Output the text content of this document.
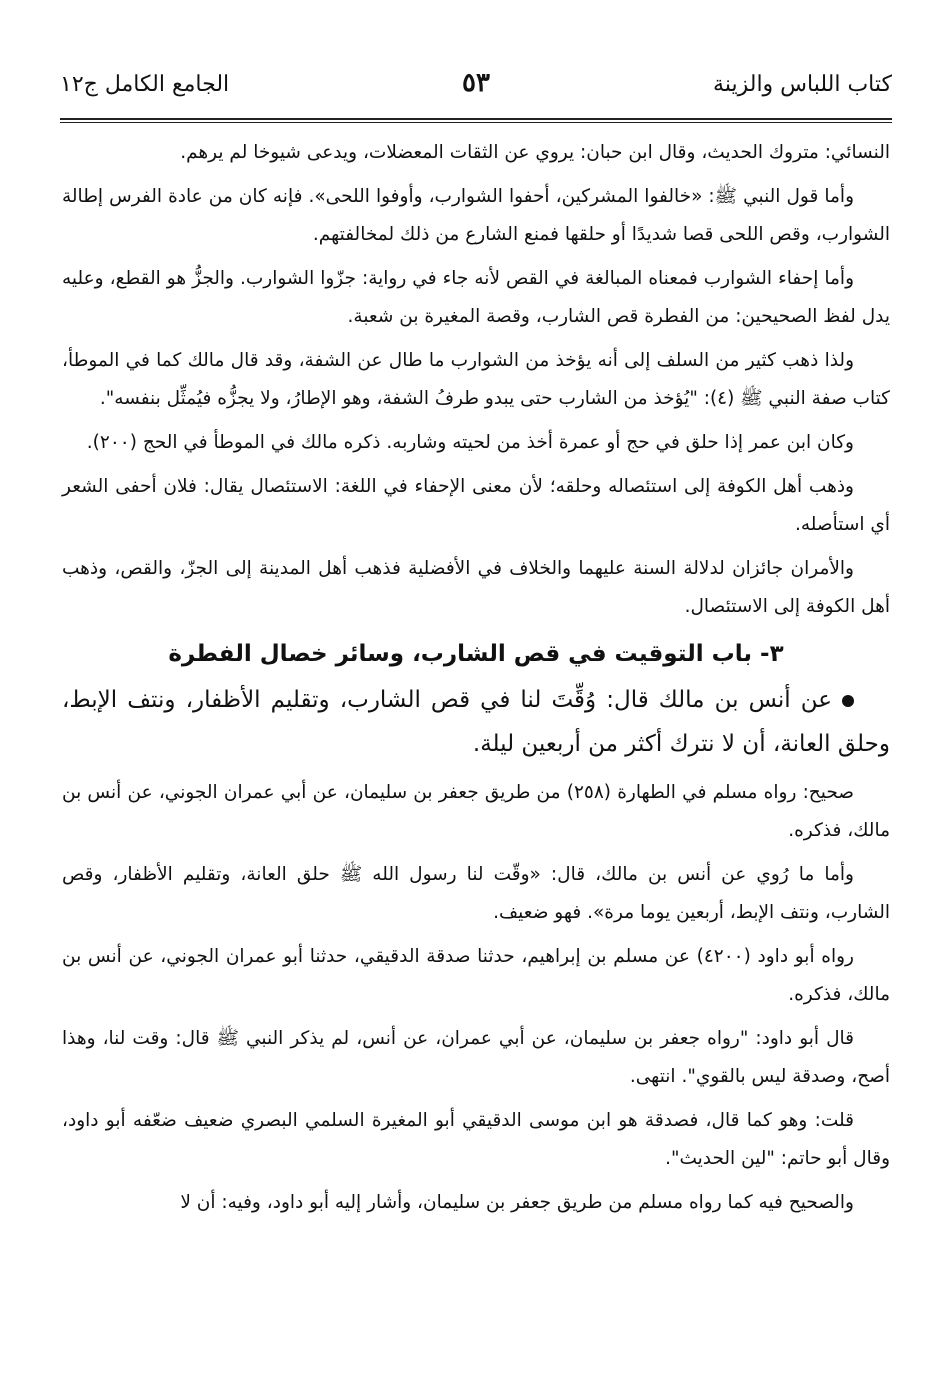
كتاب اللباس والزينة
٥٣
الجامع الكامل ج١٢

النسائي: متروك الحديث، وقال ابن حبان: يروي عن الثقات المعضلات، ويدعى شيوخا لم يرهم.

وأما قول النبي ﷺ: «خالفوا المشركين، أحفوا الشوارب، وأوفوا اللحى». فإنه كان من عادة الفرس إطالة الشوارب، وقص اللحى قصا شديدًا أو حلقها فمنع الشارع من ذلك لمخالفتهم.

وأما إحفاء الشوارب فمعناه المبالغة في القص لأنه جاء في رواية: جزّوا الشوارب. والجزُّ هو القطع، وعليه يدل لفظ الصحيحين: من الفطرة قص الشارب، وقصة المغيرة بن شعبة.

ولذا ذهب كثير من السلف إلى أنه يؤخذ من الشوارب ما طال عن الشفة، وقد قال مالك كما في الموطأ، كتاب صفة النبي ﷺ (٤): "يُؤخذ من الشارب حتى يبدو طرفُ الشفة، وهو الإطارُ، ولا يجزُّه فيُمثِّل بنفسه".

وكان ابن عمر إذا حلق في حج أو عمرة أخذ من لحيته وشاربه. ذكره مالك في الموطأ في الحج (٢٠٠).

وذهب أهل الكوفة إلى استئصاله وحلقه؛ لأن معنى الإحفاء في اللغة: الاستئصال يقال: فلان أحفى الشعر أي استأصله.

والأمران جائزان لدلالة السنة عليهما والخلاف في الأفضلية فذهب أهل المدينة إلى الجزّ، والقص، وذهب أهل الكوفة إلى الاستئصال.

٣- باب التوقيت في قص الشارب، وسائر خصال الفطرة

عن أنس بن مالك قال: وُقِّتَ لنا في قص الشارب، وتقليم الأظفار، ونتف الإبط، وحلق العانة، أن لا نترك أكثر من أربعين ليلة.

صحيح: رواه مسلم في الطهارة (٢٥٨) من طريق جعفر بن سليمان، عن أبي عمران الجوني، عن أنس بن مالك، فذكره.

وأما ما رُوي عن أنس بن مالك، قال: «وقّت لنا رسول الله ﷺ حلق العانة، وتقليم الأظفار، وقص الشارب، ونتف الإبط، أربعين يوما مرة». فهو ضعيف.

رواه أبو داود (٤٢٠٠) عن مسلم بن إبراهيم، حدثنا صدقة الدقيقي، حدثنا أبو عمران الجوني، عن أنس بن مالك، فذكره.

قال أبو داود: "رواه جعفر بن سليمان، عن أبي عمران، عن أنس، لم يذكر النبي ﷺ قال: وقت لنا، وهذا أصح، وصدقة ليس بالقوي". انتهى.

قلت: وهو كما قال، فصدقة هو ابن موسى الدقيقي أبو المغيرة السلمي البصري ضعيف ضعّفه أبو داود، وقال أبو حاتم: "لين الحديث".

والصحيح فيه كما رواه مسلم من طريق جعفر بن سليمان، وأشار إليه أبو داود، وفيه: أن لا
